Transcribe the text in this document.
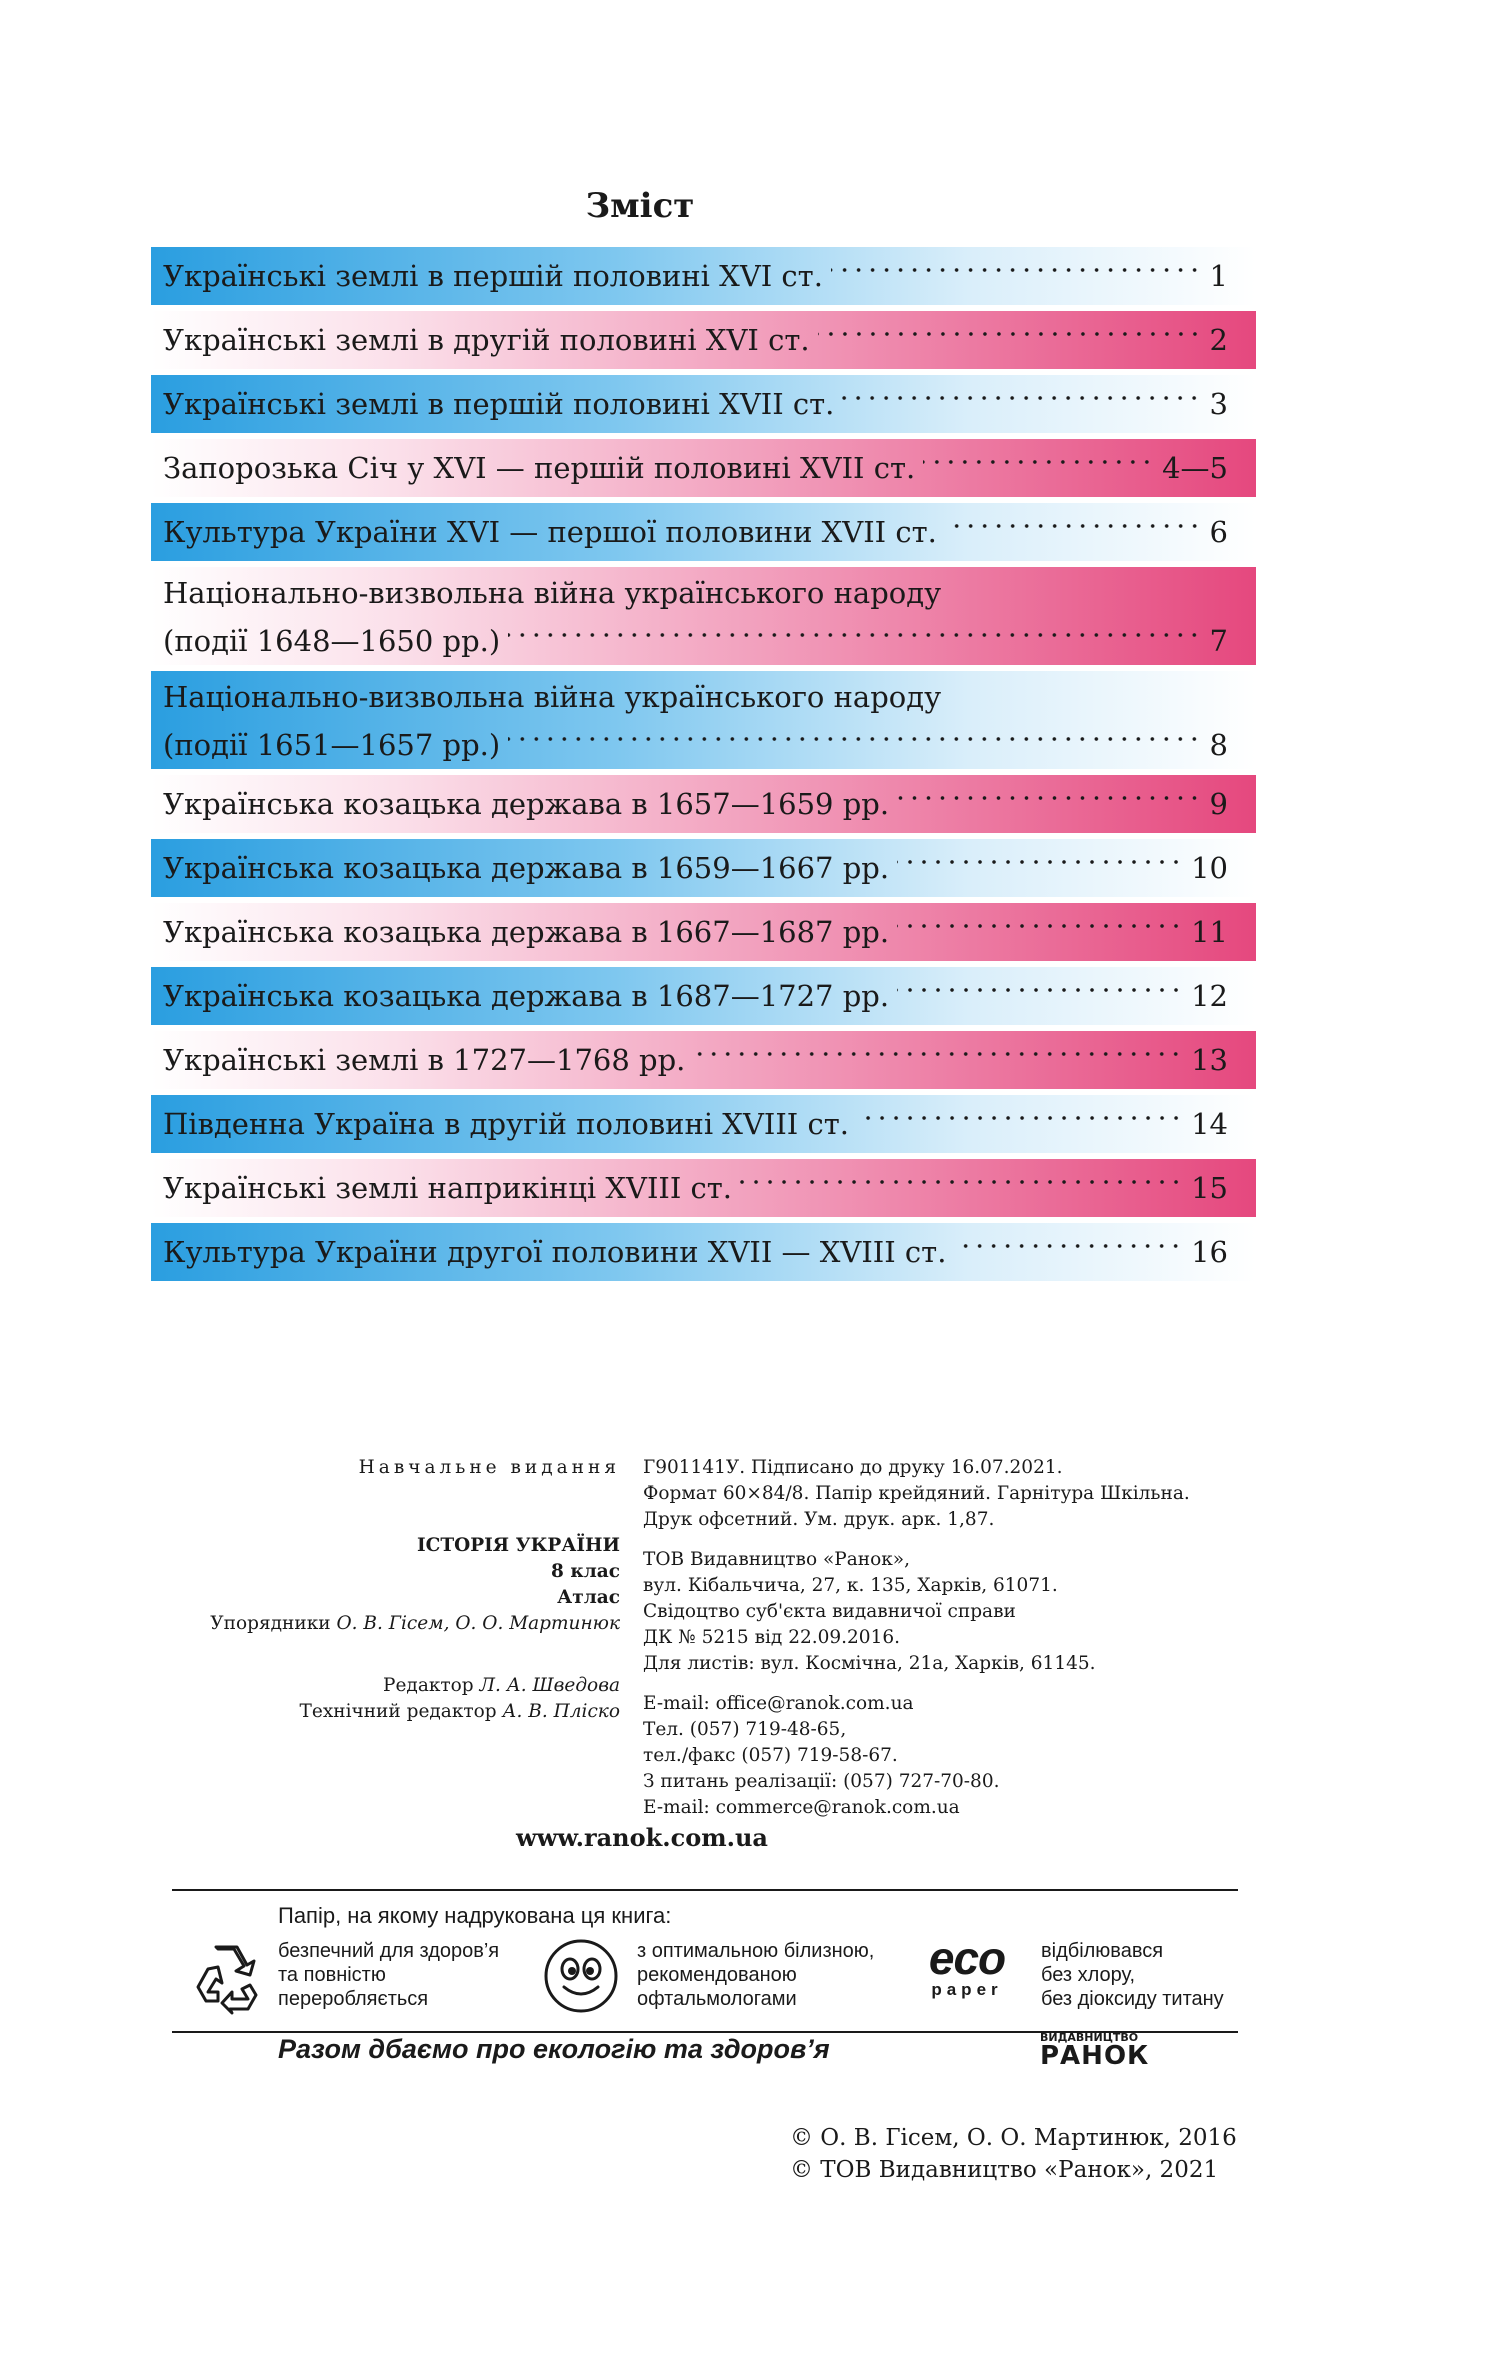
Зміст
Українські землі в першій половині XVI ст.	1
Українські землі в другій половині XVI ст.	2
Українські землі в першій половині XVII ст.	3
Запорозька Січ у XVI — першій половині XVII ст.	4—5
Культура України XVI — першої половини XVII ст.	6
Національно-визвольна війна українського народу
(події 1648—1650 рр.)	7
Національно-визвольна війна українського народу
(події 1651—1657 рр.)	8
Українська козацька держава в 1657—1659 рр.	9
Українська козацька держава в 1659—1667 рр.	10
Українська козацька держава в 1667—1687 рр.	11
Українська козацька держава в 1687—1727 рр.	12
Українські землі в 1727—1768 рр.	13
Південна Україна в другій половині XVIII ст.	14
Українські землі наприкінці XVIII ст.	15
Культура України другої половини XVII — XVIII ст.	16
Навчальне видання
ІСТОРІЯ УКРАЇНИ
8 клас
Атлас
Упорядники О. В. Гісем, О. О. Мартинюк
Редактор Л. А. Шведова
Технічний редактор А. В. Пліско
Г901141У. Підписано до друку 16.07.2021.
Формат 60×84/8. Папір крейдяний. Гарнітура Шкільна.
Друк офсетний. Ум. друк. арк. 1,87.
ТОВ Видавництво «Ранок»,
вул. Кібальчича, 27, к. 135, Харків, 61071.
Свідоцтво суб'єкта видавничої справи
ДК № 5215 від 22.09.2016.
Для листів: вул. Космічна, 21а, Харків, 61145.
E-mail: office@ranok.com.ua
Тел. (057) 719-48-65,
тел./факс (057) 719-58-67.
З питань реалізації: (057) 727-70-80.
E-mail: commerce@ranok.com.ua
www.ranok.com.ua
Папір, на якому надрукована ця книга:
безпечний для здоров’я
та повністю
переробляється
з оптимальною білизною,
рекомендованою
офтальмологами
eco
paper
відбілювався
без хлору,
без діоксиду титану
Разом дбаємо про екологію та здоров’я	ВИДАВНИЦТВО
РАНОК
© О. В. Гісем, О. О. Мартинюк, 2016
© ТОВ Видавництво «Ранок», 2021
